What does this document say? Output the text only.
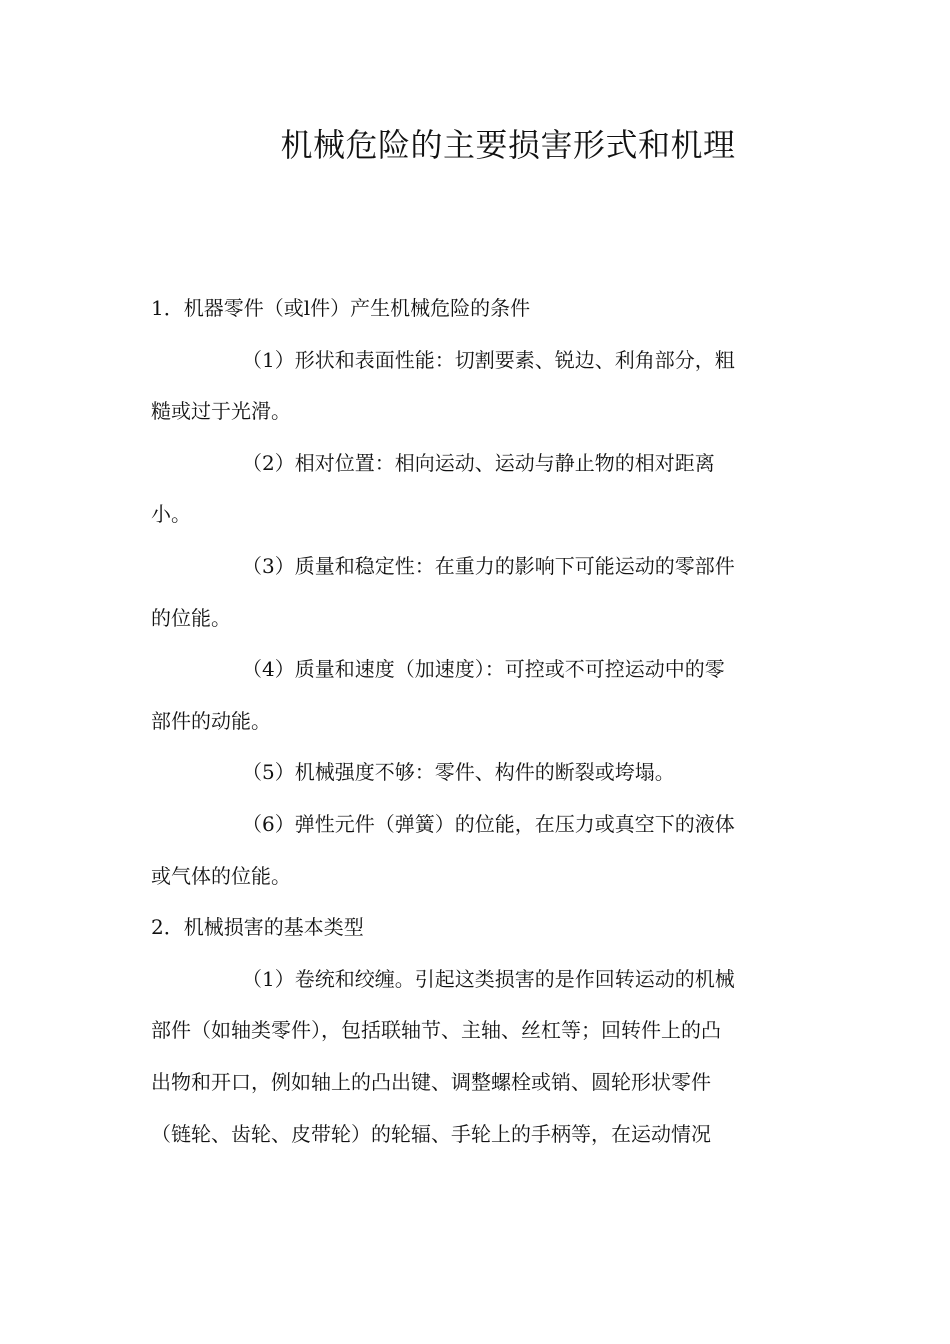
机械危险的主要损害形式和机理

1．机器零件（或l件）产生机械危险的条件

（1）形状和表面性能：切割要素、锐边、利角部分，粗
糙或过于光滑。

（2）相对位置：相向运动、运动与静止物的相对距离
小。

（3）质量和稳定性：在重力的影响下可能运动的零部件
的位能。

（4）质量和速度（加速度）：可控或不可控运动中的零
部件的动能。

（5）机械强度不够：零件、构件的断裂或垮塌。

（6）弹性元件（弹簧）的位能，在压力或真空下的液体
或气体的位能。

2．机械损害的基本类型

（1）卷统和绞缠。引起这类损害的是作回转运动的机械
部件（如轴类零件），包括联轴节、主轴、丝杠等；回转件上的凸
出物和开口，例如轴上的凸出键、调整螺栓或销、圆轮形状零件
（链轮、齿轮、皮带轮）的轮辐、手轮上的手柄等，在运动情况
